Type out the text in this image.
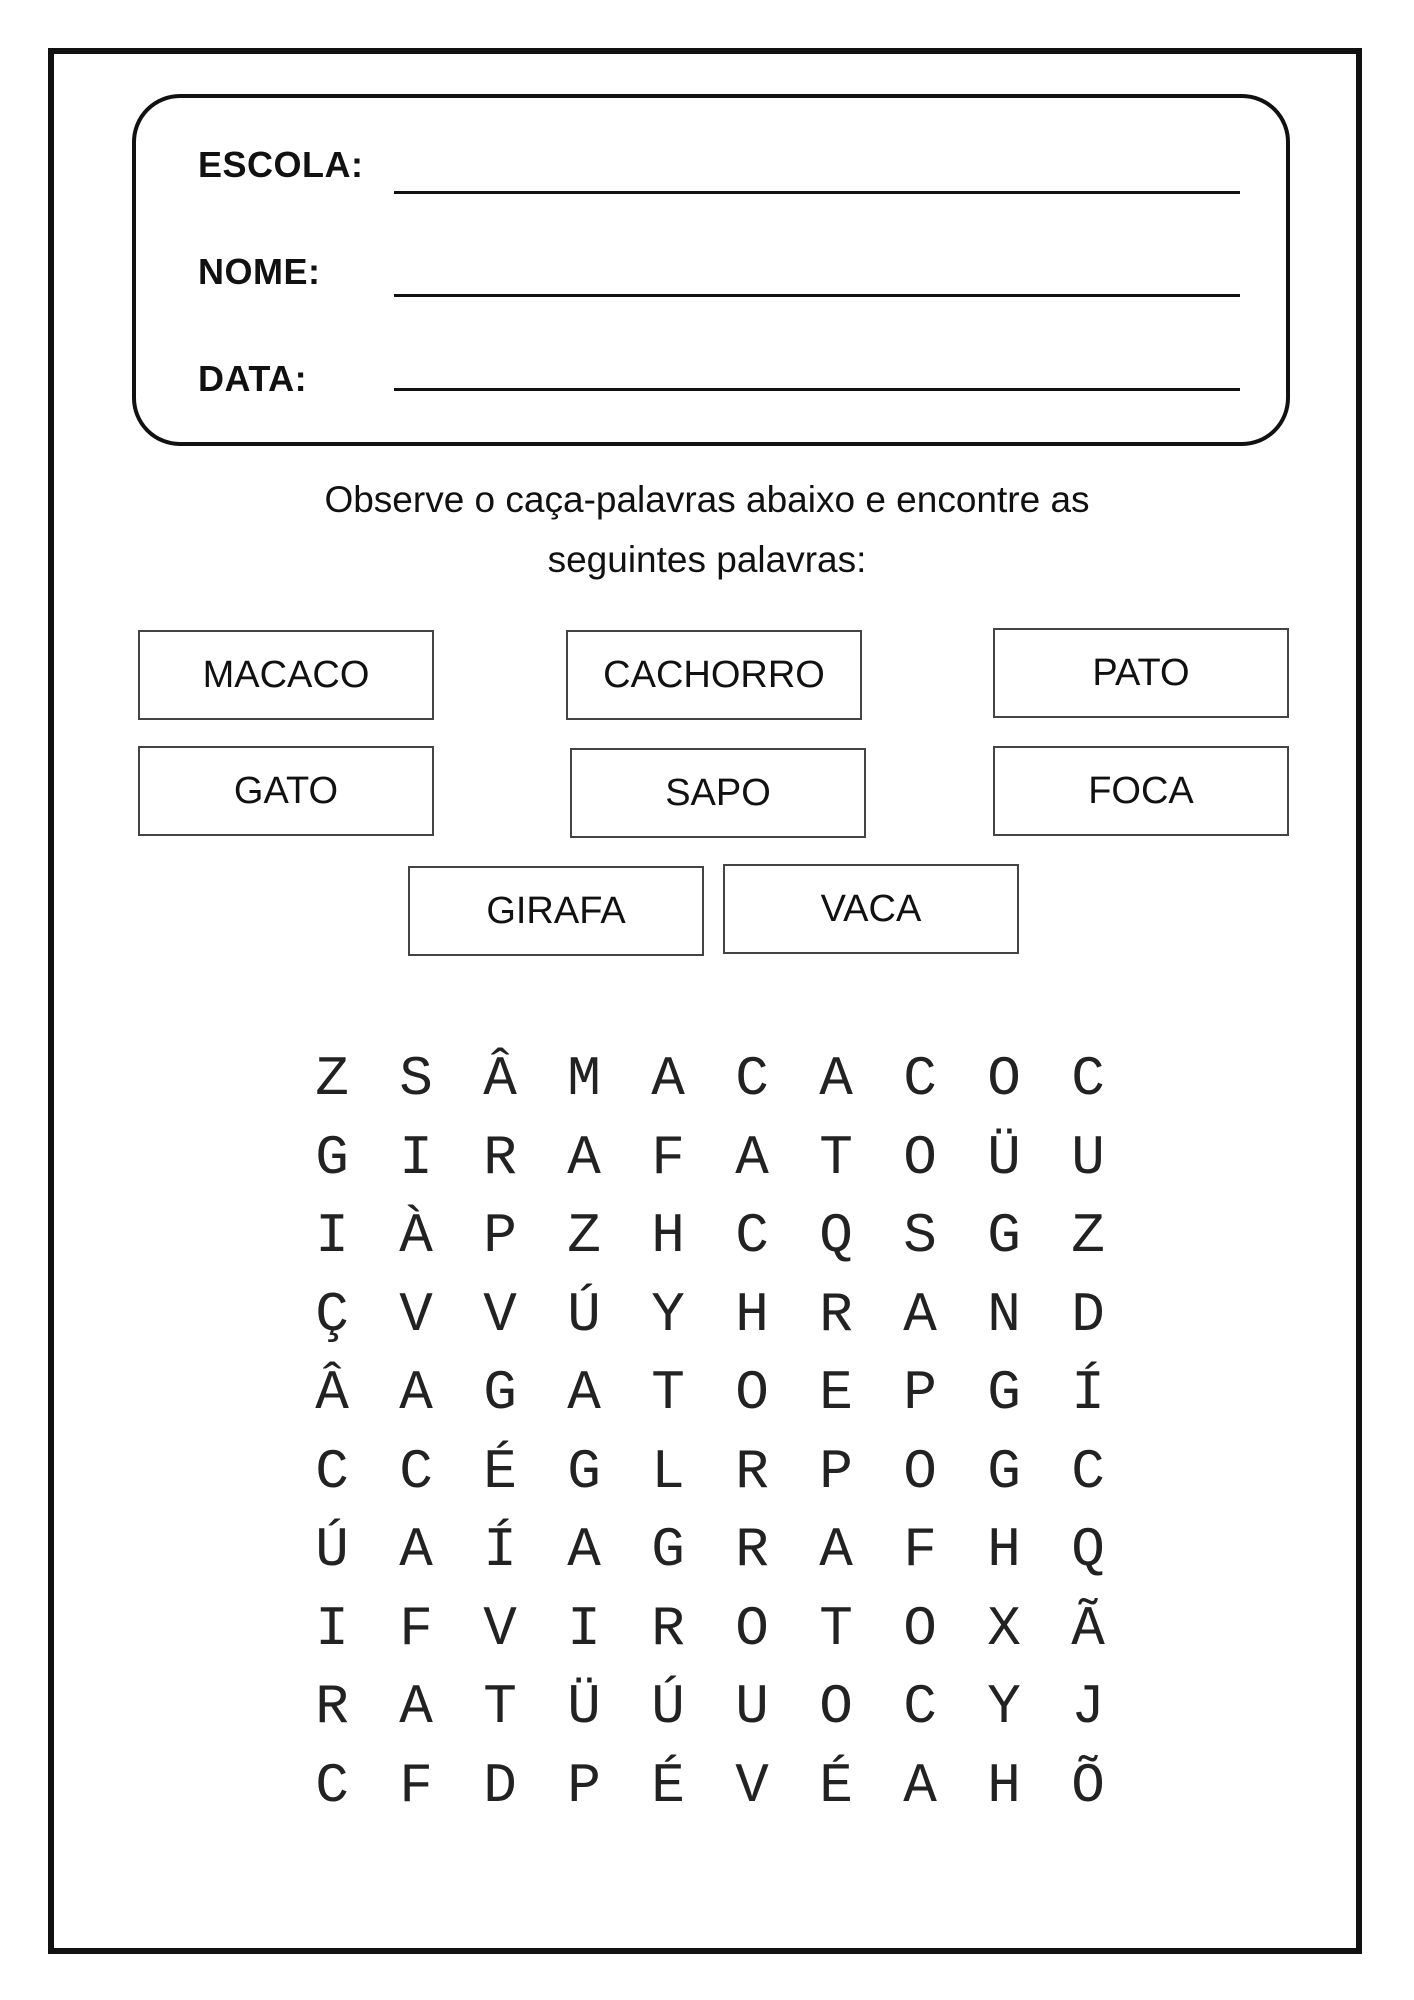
ESCOLA:
NOME:
DATA:
Observe o caça-palavras abaixo e encontre as
seguintes palavras:
MACACO	CACHORRO	PATO
GATO	SAPO	FOCA
GIRAFA	VACA
Z S Â M A C A C O C
G I R A F A T O Ü U
I À P Z H C Q S G Z
Ç V V Ú Y H R A N D
Â A G A T O E P G Í
C C É G L R P O G C
Ú A Í A G R A F H Q
I F V I R O T O X Ã
R A T Ü Ú U O C Y J
C F D P É V É A H Õ
